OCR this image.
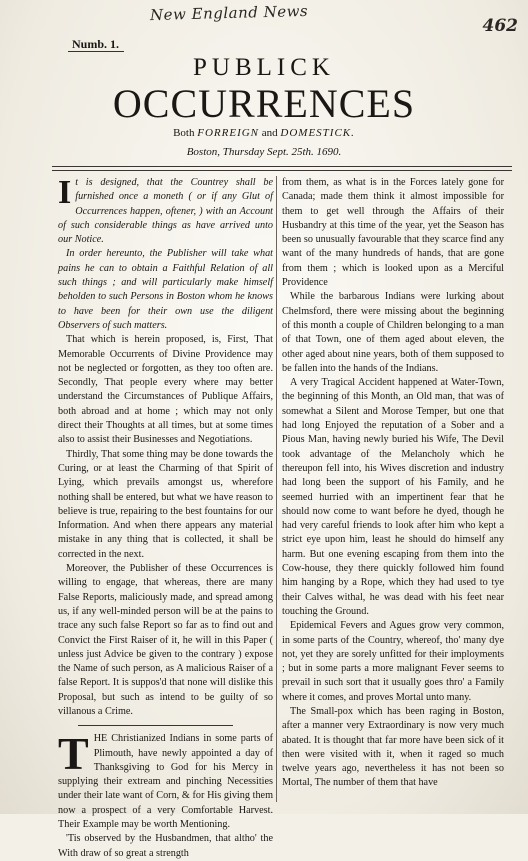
New England News
462
Numb. 1.
PUBLICK
OCCURRENCES
Both FORREIGN and DOMESTICK.
Boston, Thursday Sept. 25th. 1690.
I t is designed, that the Countrey shall be furnished once a moneth ( or if any Glut of Occurrences happen, oftener, ) with an Account of such considerable things as have arrived unto our Notice.

In order hereunto, the Publisher will take what pains he can to obtain a Faithful Relation of all such things ; and will particularly make himself beholden to such Persons in Boston whom he knows to have been for their own use the diligent Observers of such matters.

That which is herein proposed, is, First, That Memorable Occurrents of Divine Providence may not be neglected or forgotten, as they too often are. Secondly, That people every where may better understand the Circumstances of Publique Affairs, both abroad and at home ; which may not only direct their Thoughts at all times, but at some times also to assist their Businesses and Negotiations.

Thirdly, That some thing may be done towards the Curing, or at least the Charming of that Spirit of Lying, which prevails amongst us, wherefore nothing shall be entered, but what we have reason to believe is true, repairing to the best fountains for our Information. And when there appears any material mistake in any thing that is collected, it shall be corrected in the next.

Moreover, the Publisher of these Occurrences is willing to engage, that whereas, there are many False Reports, maliciously made, and spread among us, if any well-minded person will be at the pains to trace any such false Report so far as to find out and Convict the First Raiser of it, he will in this Paper ( unless just Advice be given to the contrary ) expose the Name of such person, as A malicious Raiser of a false Report. It is suppos'd that none will dislike this Proposal, but such as intend to be guilty of so villanous a Crime.

T HE Christianized Indians in some parts of Plimouth, have newly appointed a day of Thanksgiving to God for his Mercy in supplying their extream and pinching Necessities under their late want of Corn, & for His giving them now a prospect of a very Comfortable Harvest. Their Example may be worth Mentioning.

'Tis observed by the Husbandmen, that altho' the With draw of so great a strength

from them, as what is in the Forces lately gone for Canada; made them think it almost impossible for them to get well through the Affairs of their Husbandry at this time of the year, yet the Season has been so unusually favourable that they scarce find any want of the many hundreds of hands, that are gone from them ; which is looked upon as a Merciful Providence

While the barbarous Indians were lurking about Chelmsford, there were missing about the beginning of this month a couple of Children belonging to a man of that Town, one of them aged about eleven, the other aged about nine years, both of them supposed to be fallen into the hands of the Indians.

A very Tragical Accident happened at Water-Town, the beginning of this Month, an Old man, that was of somewhat a Silent and Morose Temper, but one that had long Enjoyed the reputation of a Sober and a Pious Man, having newly buried his Wife, The Devil took advantage of the Melancholy which he thereupon fell into, his Wives discretion and industry had long been the support of his Family, and he seemed hurried with an impertinent fear that he should now come to want before he dyed, though he had very careful friends to look after him who kept a strict eye upon him, least he should do himself any harm. But one evening escaping from them into the Cow-house, they there quickly followed him found him hanging by a Rope, which they had used to tye their Calves withal, he was dead with his feet near touching the Ground.

Epidemical Fevers and Agues grow very common, in some parts of the Country, whereof, tho' many dye not, yet they are sorely unfitted for their imployments ; but in some parts a more malignant Fever seems to prevail in such sort that it usually goes thro' a Family where it comes, and proves Mortal unto many.

The Small-pox which has been raging in Boston, after a manner very Extraordinary is now very much abated. It is thought that far more have been sick of it then were visited with it, when it raged so much twelve years ago, nevertheless it has not been so Mortal, The number of them that have
